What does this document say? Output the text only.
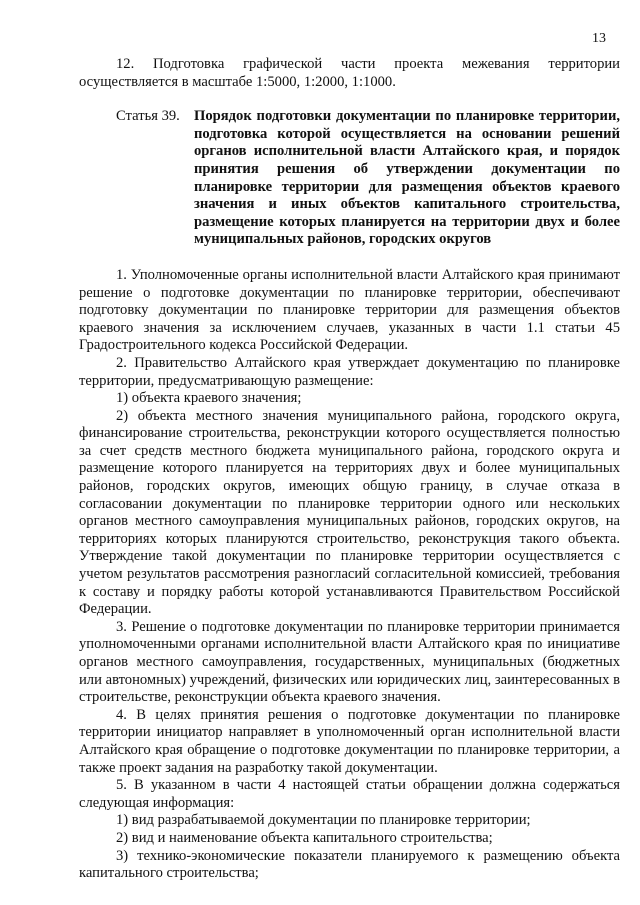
13

12. Подготовка графической части проекта межевания территории осуществляется в масштабе 1:5000, 1:2000, 1:1000.

Статья 39. Порядок подготовки документации по планировке территории, подготовка которой осуществляется на основании решений органов исполнительной власти Алтайского края, и порядок принятия решения об утверждении документации по планировке территории для размещения объектов краевого значения и иных объектов капитального строительства, размещение которых планируется на территории двух и более муниципальных районов, городских округов

1. Уполномоченные органы исполнительной власти Алтайского края принимают решение о подготовке документации по планировке территории, обеспечивают подготовку документации по планировке территории для размещения объектов краевого значения за исключением случаев, указанных в части 1.1 статьи 45 Градостроительного кодекса Российской Федерации.

2. Правительство Алтайского края утверждает документацию по планировке территории, предусматривающую размещение:

1) объекта краевого значения;

2) объекта местного значения муниципального района, городского округа, финансирование строительства, реконструкции которого осуществляется полностью за счет средств местного бюджета муниципального района, городского округа и размещение которого планируется на территориях двух и более муниципальных районов, городских округов, имеющих общую границу, в случае отказа в согласовании документации по планировке территории одного или нескольких органов местного самоуправления муниципальных районов, городских округов, на территориях которых планируются строительство, реконструкция такого объекта. Утверждение такой документации по планировке территории осуществляется с учетом результатов рассмотрения разногласий согласительной комиссией, требования к составу и порядку работы которой устанавливаются Правительством Российской Федерации.

3. Решение о подготовке документации по планировке территории принимается уполномоченными органами исполнительной власти Алтайского края по инициативе органов местного самоуправления, государственных, муниципальных (бюджетных или автономных) учреждений, физических или юридических лиц, заинтересованных в строительстве, реконструкции объекта краевого значения.

4. В целях принятия решения о подготовке документации по планировке территории инициатор направляет в уполномоченный орган исполнительной власти Алтайского края обращение о подготовке документации по планировке территории, а также проект задания на разработку такой документации.

5. В указанном в части 4 настоящей статьи обращении должна содержаться следующая информация:

1) вид разрабатываемой документации по планировке территории;

2) вид и наименование объекта капитального строительства;

3) технико-экономические показатели планируемого к размещению объекта капитального строительства;
